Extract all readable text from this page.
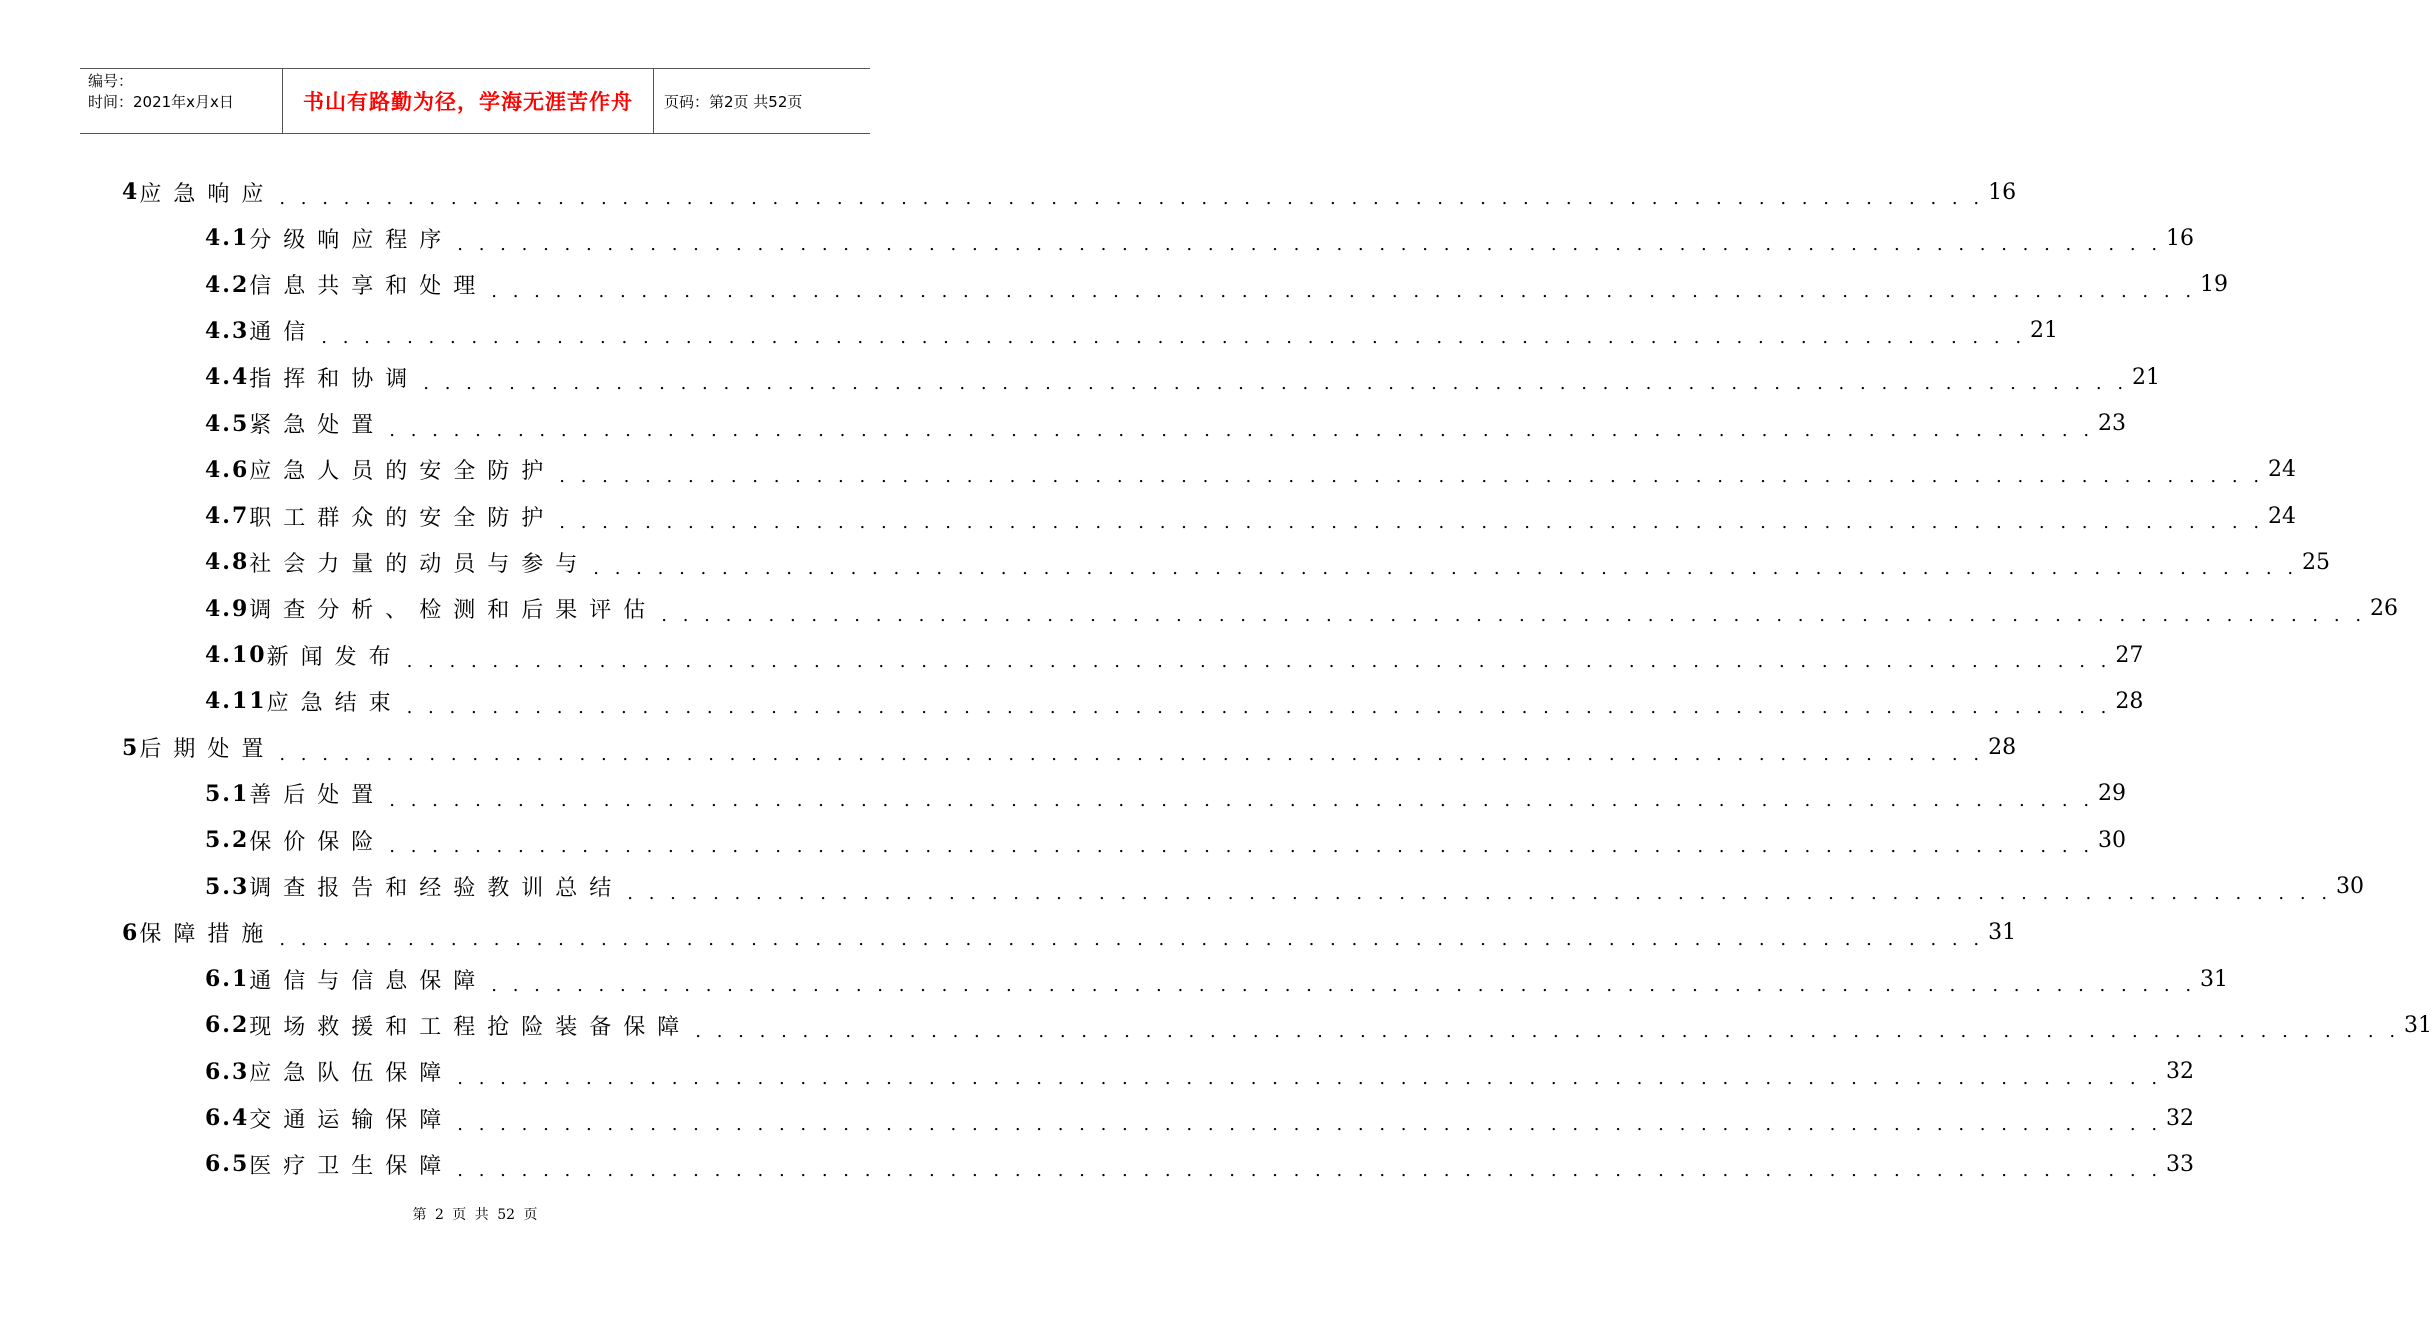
编号：
时间：2021年x月x日	书山有路勤为径，学海无涯苦作舟	页码：第2页 共52页
4 应急响应 . . . . . . . . . . . . . . . . . . . . . . . . . . . . . . . . . . . . . . . . . . . . . . . . . . . . . . . . . . . . . . . . . . . . . . . . . . . . . . . . 16
4.1 分级响应程序 . . . . . . . . . . . . . . . . . . . . . . . . . . . . . . . . . . . . . . . . . . . . . . . . . . . . . . . . . . . . . . . . . . . . . . . . . . . . . . . . 16
4.2 信息共享和处理 . . . . . . . . . . . . . . . . . . . . . . . . . . . . . . . . . . . . . . . . . . . . . . . . . . . . . . . . . . . . . . . . . . . . . . . . . . . . . . . . 19
4.3 通信 . . . . . . . . . . . . . . . . . . . . . . . . . . . . . . . . . . . . . . . . . . . . . . . . . . . . . . . . . . . . . . . . . . . . . . . . . . . . . . . . 21
4.4 指挥和协调 . . . . . . . . . . . . . . . . . . . . . . . . . . . . . . . . . . . . . . . . . . . . . . . . . . . . . . . . . . . . . . . . . . . . . . . . . . . . . . . . 21
4.5 紧急处置 . . . . . . . . . . . . . . . . . . . . . . . . . . . . . . . . . . . . . . . . . . . . . . . . . . . . . . . . . . . . . . . . . . . . . . . . . . . . . . . . 23
4.6 应急人员的安全防护 . . . . . . . . . . . . . . . . . . . . . . . . . . . . . . . . . . . . . . . . . . . . . . . . . . . . . . . . . . . . . . . . . . . . . . . . . . . . . . . . 24
4.7 职工群众的安全防护 . . . . . . . . . . . . . . . . . . . . . . . . . . . . . . . . . . . . . . . . . . . . . . . . . . . . . . . . . . . . . . . . . . . . . . . . . . . . . . . . 24
4.8 社会力量的动员与参与 . . . . . . . . . . . . . . . . . . . . . . . . . . . . . . . . . . . . . . . . . . . . . . . . . . . . . . . . . . . . . . . . . . . . . . . . . . . . . . . . 25
4.9 调查分析、检测和后果评估 . . . . . . . . . . . . . . . . . . . . . . . . . . . . . . . . . . . . . . . . . . . . . . . . . . . . . . . . . . . . . . . . . . . . . . . . . . . . . . . . 26
4.10 新闻发布 . . . . . . . . . . . . . . . . . . . . . . . . . . . . . . . . . . . . . . . . . . . . . . . . . . . . . . . . . . . . . . . . . . . . . . . . . . . . . . . . 27
4.11 应急结束 . . . . . . . . . . . . . . . . . . . . . . . . . . . . . . . . . . . . . . . . . . . . . . . . . . . . . . . . . . . . . . . . . . . . . . . . . . . . . . . . 28
5 后期处置 . . . . . . . . . . . . . . . . . . . . . . . . . . . . . . . . . . . . . . . . . . . . . . . . . . . . . . . . . . . . . . . . . . . . . . . . . . . . . . . . 28
5.1 善后处置 . . . . . . . . . . . . . . . . . . . . . . . . . . . . . . . . . . . . . . . . . . . . . . . . . . . . . . . . . . . . . . . . . . . . . . . . . . . . . . . . 29
5.2 保价保险 . . . . . . . . . . . . . . . . . . . . . . . . . . . . . . . . . . . . . . . . . . . . . . . . . . . . . . . . . . . . . . . . . . . . . . . . . . . . . . . . 30
5.3 调查报告和经验教训总结 . . . . . . . . . . . . . . . . . . . . . . . . . . . . . . . . . . . . . . . . . . . . . . . . . . . . . . . . . . . . . . . . . . . . . . . . . . . . . . . . 30
6 保障措施 . . . . . . . . . . . . . . . . . . . . . . . . . . . . . . . . . . . . . . . . . . . . . . . . . . . . . . . . . . . . . . . . . . . . . . . . . . . . . . . . 31
6.1 通信与信息保障 . . . . . . . . . . . . . . . . . . . . . . . . . . . . . . . . . . . . . . . . . . . . . . . . . . . . . . . . . . . . . . . . . . . . . . . . . . . . . . . . 31
6.2 现场救援和工程抢险装备保障 . . . . . . . . . . . . . . . . . . . . . . . . . . . . . . . . . . . . . . . . . . . . . . . . . . . . . . . . . . . . . . . . . . . . . . . . . . . . . . . . 31
6.3 应急队伍保障 . . . . . . . . . . . . . . . . . . . . . . . . . . . . . . . . . . . . . . . . . . . . . . . . . . . . . . . . . . . . . . . . . . . . . . . . . . . . . . . . 32
6.4 交通运输保障 . . . . . . . . . . . . . . . . . . . . . . . . . . . . . . . . . . . . . . . . . . . . . . . . . . . . . . . . . . . . . . . . . . . . . . . . . . . . . . . . 32
6.5 医疗卫生保障 . . . . . . . . . . . . . . . . . . . . . . . . . . . . . . . . . . . . . . . . . . . . . . . . . . . . . . . . . . . . . . . . . . . . . . . . . . . . . . . . 33
第 2 页 共 52 页
